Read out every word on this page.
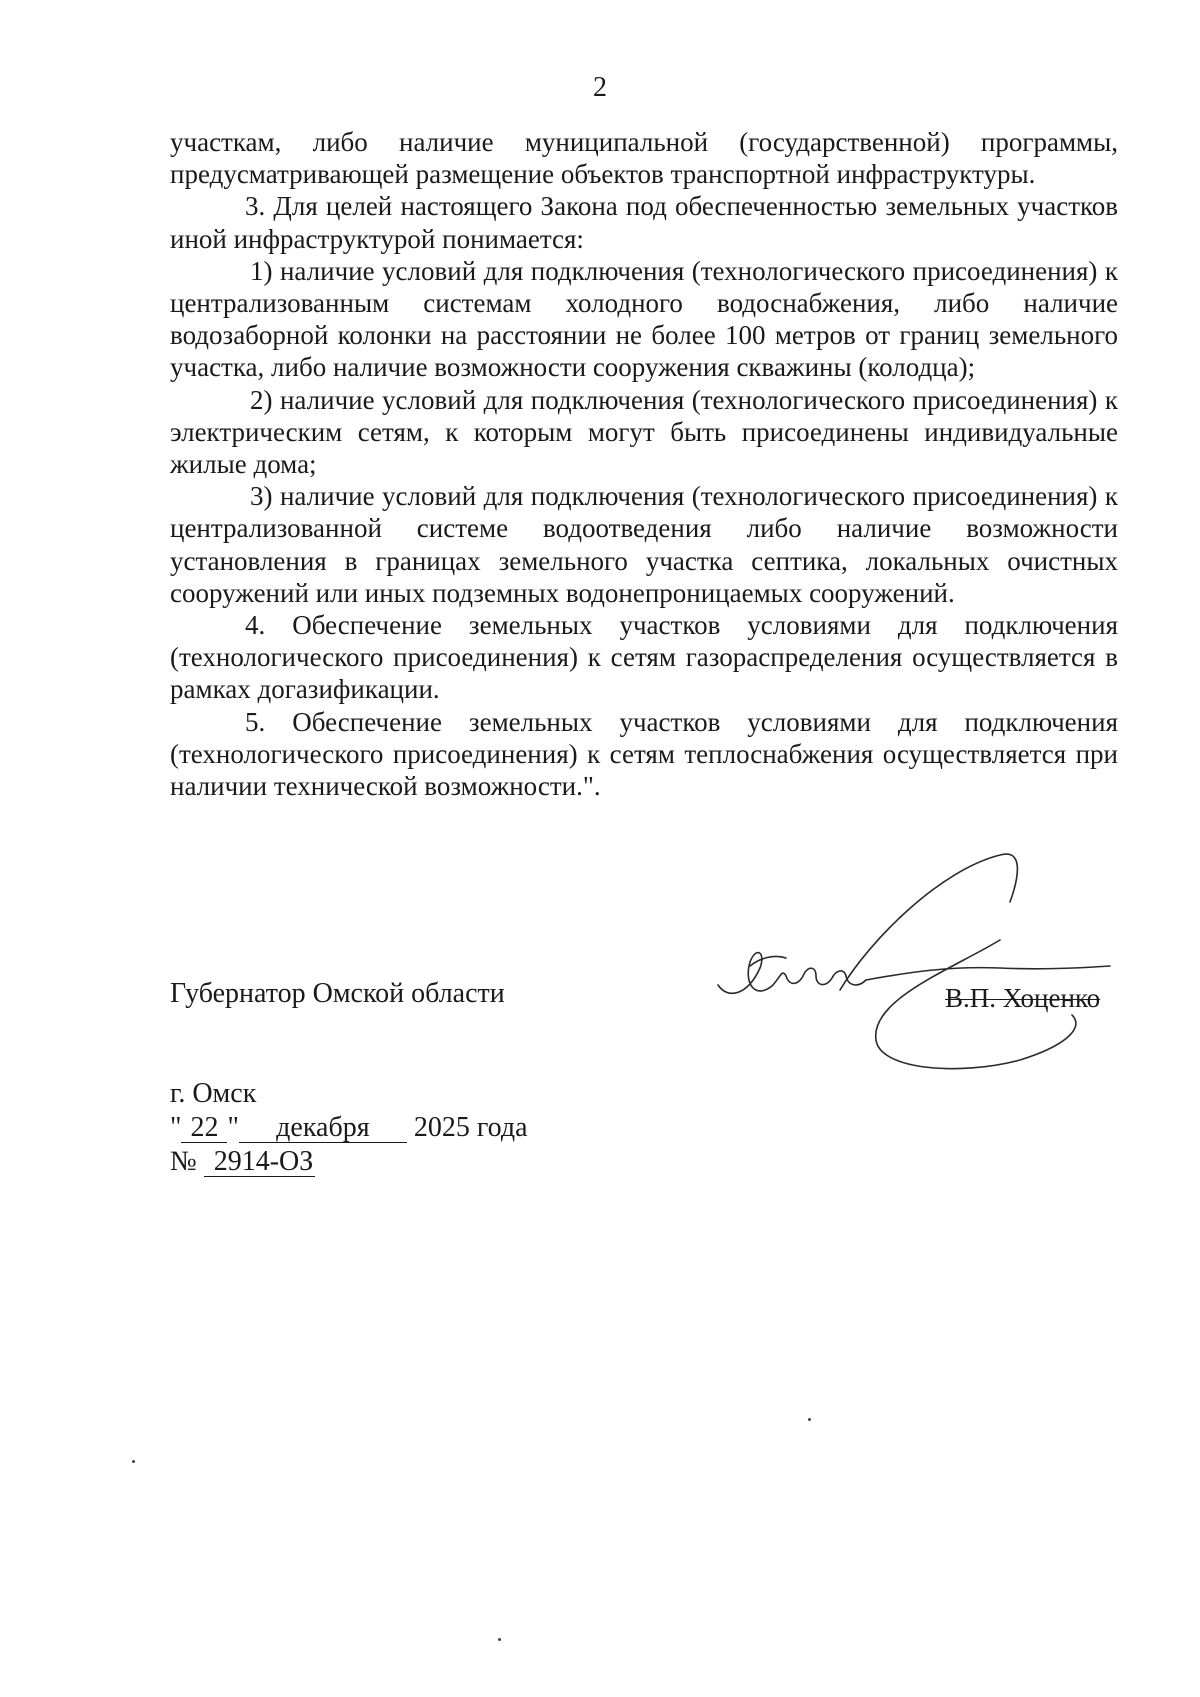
2

участкам, либо наличие муниципальной (государственной) программы, предусматривающей размещение объектов транспортной инфраструктуры.

3. Для целей настоящего Закона под обеспеченностью земельных участков иной инфраструктурой понимается:

1) наличие условий для подключения (технологического присоединения) к централизованным системам холодного водоснабжения, либо наличие водозаборной колонки на расстоянии не более 100 метров от границ земельного участка, либо наличие возможности сооружения скважины (колодца);

2) наличие условий для подключения (технологического присоединения) к электрическим сетям, к которым могут быть присоединены индивидуальные жилые дома;

3) наличие условий для подключения (технологического присоединения) к централизованной системе водоотведения либо наличие возможности установления в границах земельного участка септика, локальных очистных сооружений или иных подземных водонепроницаемых сооружений.

4. Обеспечение земельных участков условиями для подключения (технологического присоединения) к сетям газораспределения осуществляется в рамках догазификации.

5. Обеспечение земельных участков условиями для подключения (технологического присоединения) к сетям теплоснабжения осуществляется при наличии технической возможности.".

Губернатор Омской области	В.П. Хоценко
г. Омск
" 22 " декабря 2025 года
№ 2914-ОЗ
